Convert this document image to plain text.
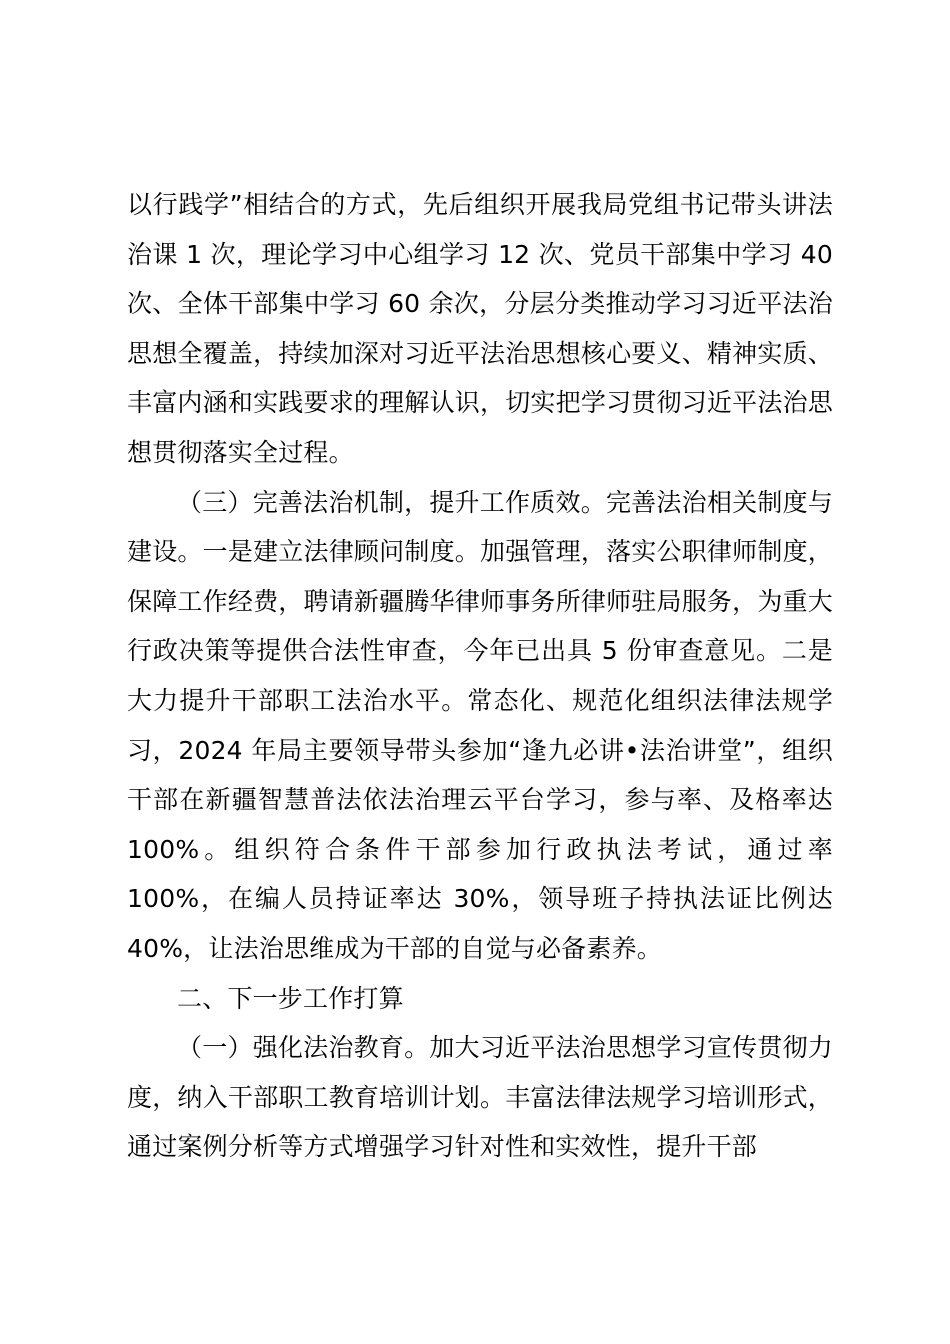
以行践学”相结合的方式，先后组织开展我局党组书记带头讲法治课 1 次，理论学习中心组学习 12 次、党员干部集中学习 40 次、全体干部集中学习 60 余次，分层分类推动学习习近平法治思想全覆盖，持续加深对习近平法治思想核心要义、精神实质、丰富内涵和实践要求的理解认识，切实把学习贯彻习近平法治思想贯彻落实全过程。

（三）完善法治机制，提升工作质效。完善法治相关制度与建设。一是建立法律顾问制度。加强管理，落实公职律师制度，保障工作经费，聘请新疆腾华律师事务所律师驻局服务，为重大行政决策等提供合法性审查，今年已出具 5 份审查意见。二是大力提升干部职工法治水平。常态化、规范化组织法律法规学习，2024 年局主要领导带头参加“逢九必讲•法治讲堂”，组织干部在新疆智慧普法依法治理云平台学习，参与率、及格率达 100%。组织符合条件干部参加行政执法考试，通过率 100%，在编人员持证率达 30%，领导班子持执法证比例达 40%，让法治思维成为干部的自觉与必备素养。

二、下一步工作打算

（一）强化法治教育。加大习近平法治思想学习宣传贯彻力度，纳入干部职工教育培训计划。丰富法律法规学习培训形式，通过案例分析等方式增强学习针对性和实效性，提升干部
